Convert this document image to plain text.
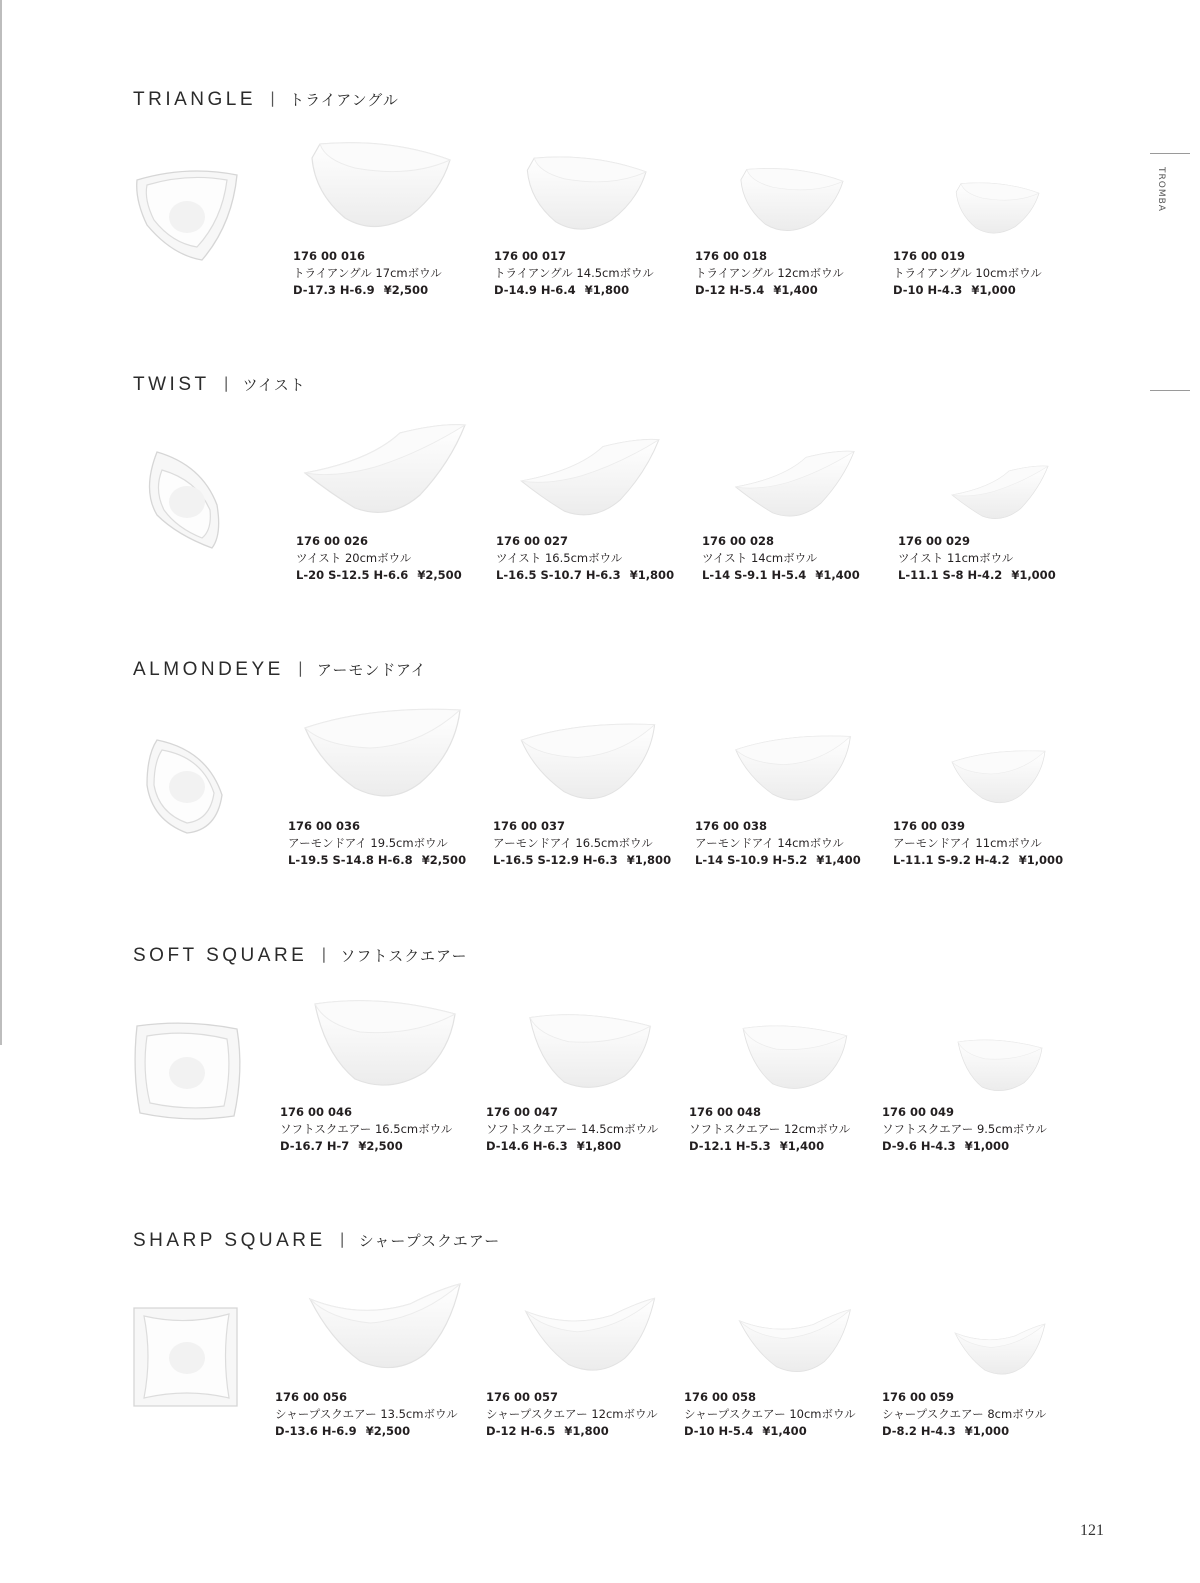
TROMBA
TRIANGLE | トライアングル
176 00 016
トライアングル 17cmボウル
D-17.3 H-6.9 ¥2,500
176 00 017
トライアングル 14.5cmボウル
D-14.9 H-6.4 ¥1,800
176 00 018
トライアングル 12cmボウル
D-12 H-5.4 ¥1,400
176 00 019
トライアングル 10cmボウル
D-10 H-4.3 ¥1,000
TWIST | ツイスト
176 00 026
ツイスト 20cmボウル
L-20 S-12.5 H-6.6 ¥2,500
176 00 027
ツイスト 16.5cmボウル
L-16.5 S-10.7 H-6.3 ¥1,800
176 00 028
ツイスト 14cmボウル
L-14 S-9.1 H-5.4 ¥1,400
176 00 029
ツイスト 11cmボウル
L-11.1 S-8 H-4.2 ¥1,000
ALMONDEYE | アーモンドアイ
176 00 036
アーモンドアイ 19.5cmボウル
L-19.5 S-14.8 H-6.8 ¥2,500
176 00 037
アーモンドアイ 16.5cmボウル
L-16.5 S-12.9 H-6.3 ¥1,800
176 00 038
アーモンドアイ 14cmボウル
L-14 S-10.9 H-5.2 ¥1,400
176 00 039
アーモンドアイ 11cmボウル
L-11.1 S-9.2 H-4.2 ¥1,000
SOFT SQUARE | ソフトスクエアー
176 00 046
ソフトスクエアー 16.5cmボウル
D-16.7 H-7 ¥2,500
176 00 047
ソフトスクエアー 14.5cmボウル
D-14.6 H-6.3 ¥1,800
176 00 048
ソフトスクエアー 12cmボウル
D-12.1 H-5.3 ¥1,400
176 00 049
ソフトスクエアー 9.5cmボウル
D-9.6 H-4.3 ¥1,000
SHARP SQUARE | シャープスクエアー
176 00 056
シャープスクエアー 13.5cmボウル
D-13.6 H-6.9 ¥2,500
176 00 057
シャープスクエアー 12cmボウル
D-12 H-6.5 ¥1,800
176 00 058
シャープスクエアー 10cmボウル
D-10 H-5.4 ¥1,400
176 00 059
シャープスクエアー 8cmボウル
D-8.2 H-4.3 ¥1,000
121
